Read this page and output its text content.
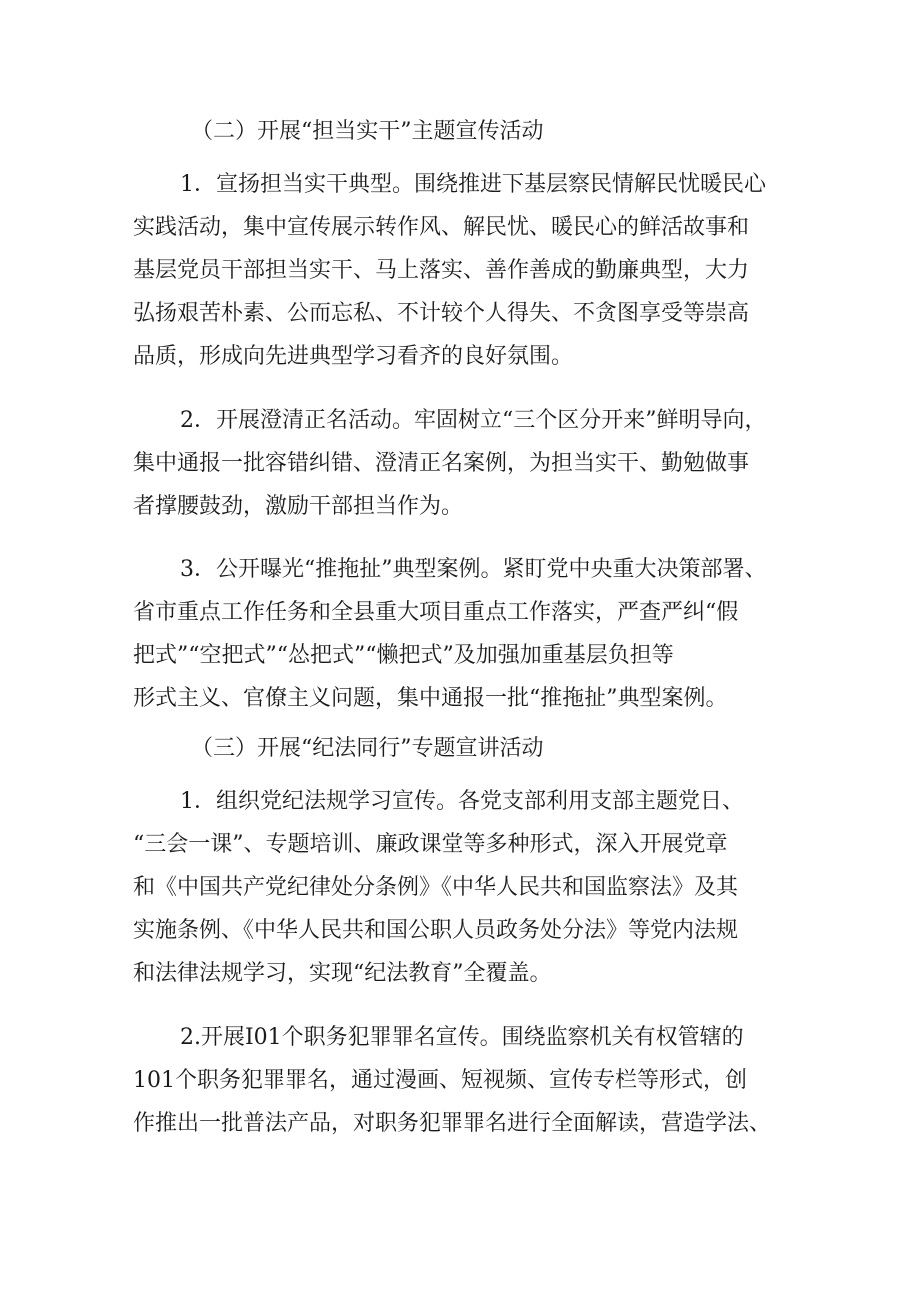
（二）开展“担当实干”主题宣传活动

1．宣扬担当实干典型。围绕推进下基层察民情解民忧暖民心

实践活动，集中宣传展示转作风、解民忧、暖民心的鲜活故事和

基层党员干部担当实干、马上落实、善作善成的勤廉典型，大力

弘扬艰苦朴素、公而忘私、不计较个人得失、不贪图享受等崇高

品质，形成向先进典型学习看齐的良好氛围。

2．开展澄清正名活动。牢固树立“三个区分开来”鲜明导向，

集中通报一批容错纠错、澄清正名案例，为担当实干、勤勉做事

者撑腰鼓劲，激励干部担当作为。

3．公开曝光“推拖扯”典型案例。紧盯党中央重大决策部署、

省市重点工作任务和全县重大项目重点工作落实，严查严纠“假

把式”“空把式”“怂把式”“懒把式”及加强加重基层负担等

形式主义、官僚主义问题，集中通报一批“推拖扯”典型案例。

（三）开展“纪法同行”专题宣讲活动

1．组织党纪法规学习宣传。各党支部利用支部主题党日、

“三会一课”、专题培训、廉政课堂等多种形式，深入开展党章

和《中国共产党纪律处分条例》《中华人民共和国监察法》及其

实施条例、《中华人民共和国公职人员政务处分法》等党内法规

和法律法规学习，实现“纪法教育”全覆盖。

2.开展I01个职务犯罪罪名宣传。围绕监察机关有权管辖的

101个职务犯罪罪名，通过漫画、短视频、宣传专栏等形式，创

作推出一批普法产品，对职务犯罪罪名进行全面解读，营造学法、
